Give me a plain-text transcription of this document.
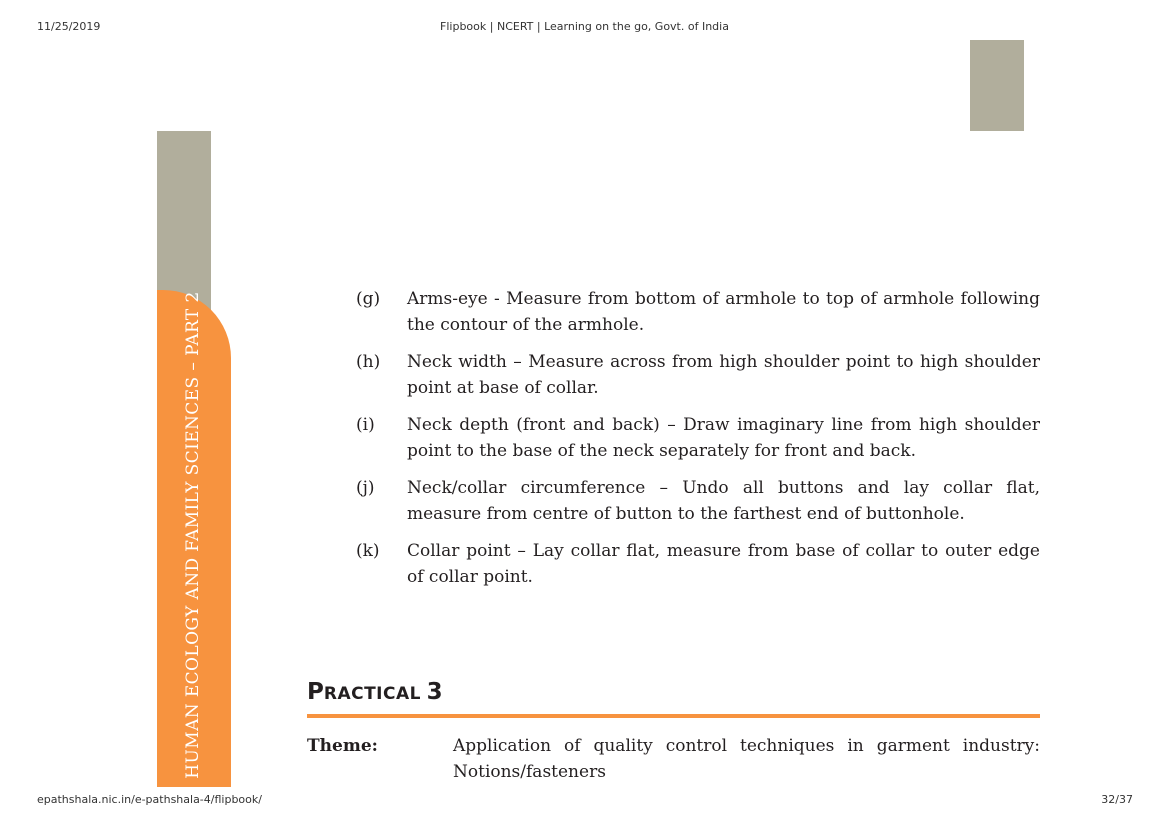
11/25/2019	Flipbook | NCERT | Learning on the go, Govt. of India
HUMAN ECOLOGY AND FAMILY SCIENCES – PART 2	(g)	Arms-eye - Measure from bottom of armhole to top of armhole following the contour of the armhole.
(h)	Neck width – Measure across from high shoulder point to high shoulder point at base of collar.
(i)	Neck depth (front and back) – Draw imaginary line from high shoulder point to the base of the neck separately for front and back.
(j)	Neck/collar circumference – Undo all buttons and lay collar flat, measure from centre of button to the farthest end of buttonhole.
(k)	Collar point – Lay collar flat, measure from base of collar to outer edge of collar point.
PRACTICAL 3
Theme:	Application of quality control techniques in garment industry: Notions/fasteners
epathshala.nic.in/e-pathshala-4/flipbook/	32/37
